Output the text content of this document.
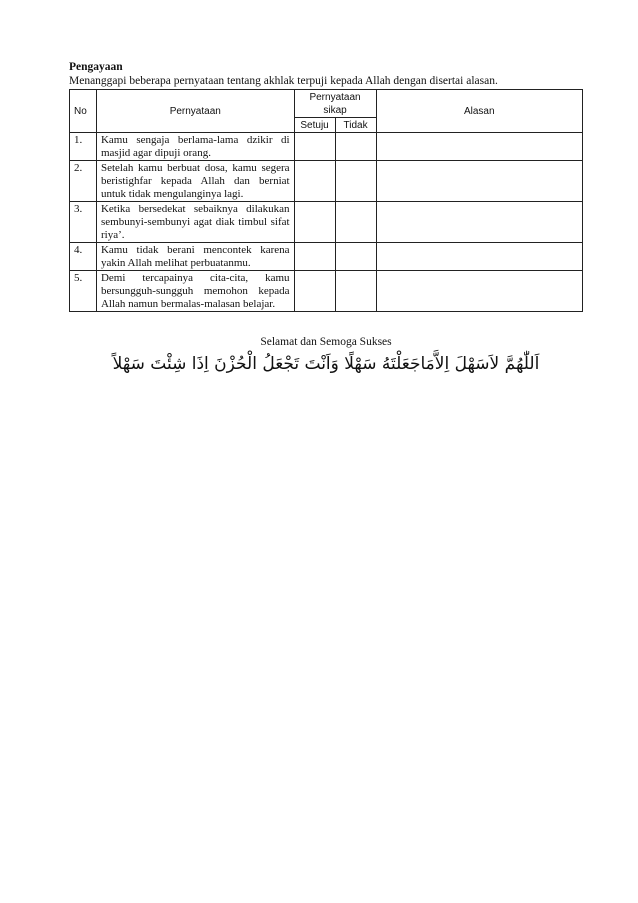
Pengayaan
Menanggapi beberapa pernyataan tentang akhlak terpuji kepada Allah dengan disertai alasan.
No	Pernyataan	Pernyataan sikap		Alasan
		Setuju	Tidak	
1.	Kamu sengaja berlama-lama dzikir di masjid agar dipuji orang.			
2.	Setelah kamu berbuat dosa, kamu segera beristighfar kepada Allah dan berniat untuk tidak mengulanginya lagi.			
3.	Ketika bersedekat sebaiknya dilakukan sembunyi-sembunyi agat diak timbul sifat riya’.			
4.	Kamu tidak berani mencontek karena yakin Allah melihat perbuatanmu.			
5.	Demi tercapainya cita-cita, kamu bersungguh-sungguh memohon kepada Allah namun bermalas-malasan belajar.			
Selamat dan Semoga Sukses
اَللّٰهُمَّ لاَسَهْلَ اِلاَّمَاجَعَلْتَهُ سَهْلًا وَاَنْتَ تَجْعَلُ الْحُزْنَ اِذَا شِئْتَ سَهْلاً
